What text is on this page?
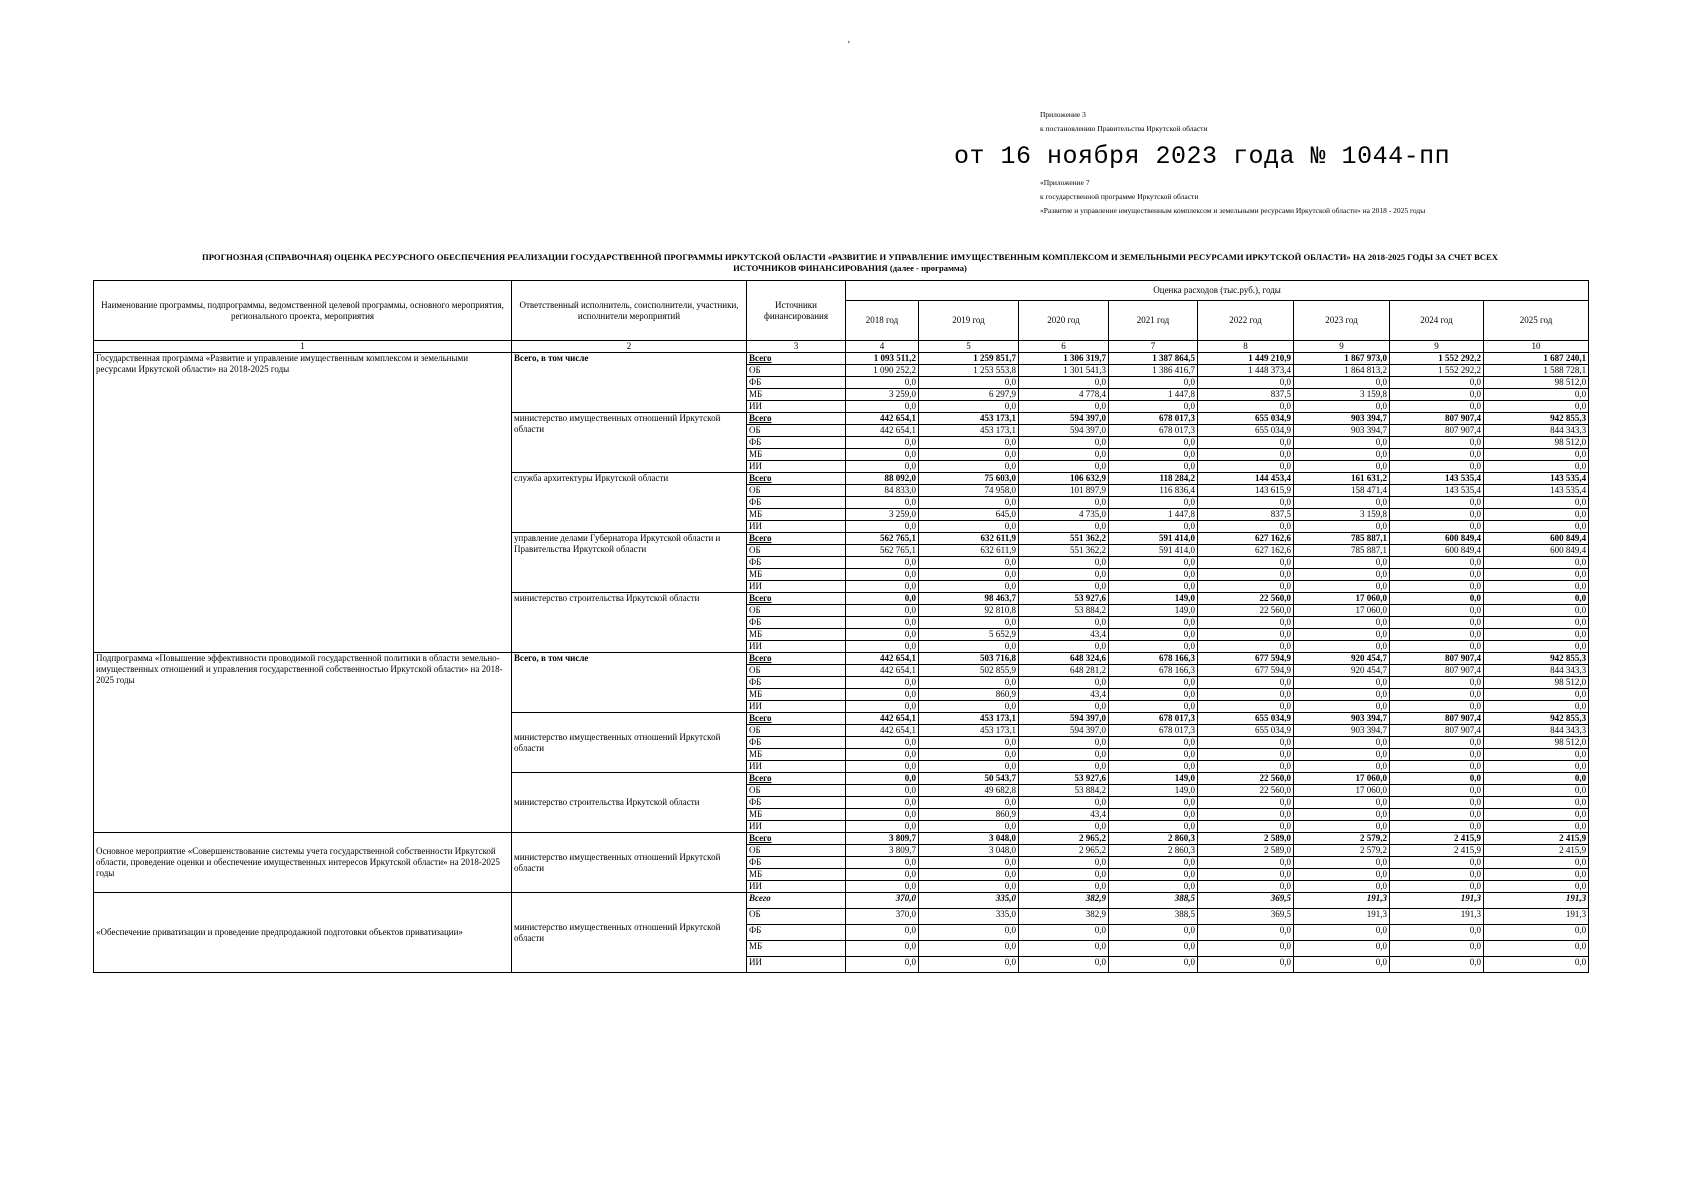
'
Приложение 3
к постановлению Правительства Иркутской области
от 16 ноября 2023 года № 1044-пп
«Приложение 7
к государственной программе Иркутской области
«Развитие и управление имущественным комплексом и земельными ресурсами Иркутской области» на 2018 - 2025 годы
ПРОГНОЗНАЯ (СПРАВОЧНАЯ) ОЦЕНКА РЕСУРСНОГО ОБЕСПЕЧЕНИЯ РЕАЛИЗАЦИИ ГОСУДАРСТВЕННОЙ ПРОГРАММЫ ИРКУТСКОЙ ОБЛАСТИ «РАЗВИТИЕ И УПРАВЛЕНИЕ ИМУЩЕСТВЕННЫМ КОМПЛЕКСОМ И ЗЕМЕЛЬНЫМИ РЕСУРСАМИ ИРКУТСКОЙ ОБЛАСТИ» НА 2018-2025 ГОДЫ ЗА СЧЕТ ВСЕХ
ИСТОЧНИКОВ ФИНАНСИРОВАНИЯ (далее - программа)
Наименование программы, подпрограммы, ведомственной целевой программы, основного мероприятия, регионального проекта, мероприятия	Ответственный исполнитель, соисполнители, участники, исполнители мероприятий	Источники финансирования	Оценка расходов (тыс.руб.), годы							
			2018 год	2019 год	2020 год	2021 год	2022 год	2023 год	2024 год	2025 год
1	2	3	4	5	6	7	8	9	9	10
Государственная программа «Развитие и управление имущественным комплексом и земельными ресурсами Иркутской области» на 2018-2025 годы	Всего, в том числе	Всего	1 093 511,2	1 259 851,7	1 306 319,7	1 387 864,5	1 449 210,9	1 867 973,0	1 552 292,2	1 687 240,1
		ОБ	1 090 252,2	1 253 553,8	1 301 541,3	1 386 416,7	1 448 373,4	1 864 813,2	1 552 292,2	1 588 728,1
		ФБ	0,0	0,0	0,0	0,0	0,0	0,0	0,0	98 512,0
		МБ	3 259,0	6 297,9	4 778,4	1 447,8	837,5	3 159,8	0,0	0,0
		ИИ	0,0	0,0	0,0	0,0	0,0	0,0	0,0	0,0
	министерство имущественных отношений Иркутской области	Всего	442 654,1	453 173,1	594 397,0	678 017,3	655 034,9	903 394,7	807 907,4	942 855,3
		ОБ	442 654,1	453 173,1	594 397,0	678 017,3	655 034,9	903 394,7	807 907,4	844 343,3
		ФБ	0,0	0,0	0,0	0,0	0,0	0,0	0,0	98 512,0
		МБ	0,0	0,0	0,0	0,0	0,0	0,0	0,0	0,0
		ИИ	0,0	0,0	0,0	0,0	0,0	0,0	0,0	0,0
	служба архитектуры Иркутской области	Всего	88 092,0	75 603,0	106 632,9	118 284,2	144 453,4	161 631,2	143 535,4	143 535,4
		ОБ	84 833,0	74 958,0	101 897,9	116 836,4	143 615,9	158 471,4	143 535,4	143 535,4
		ФБ	0,0	0,0	0,0	0,0	0,0	0,0	0,0	0,0
		МБ	3 259,0	645,0	4 735,0	1 447,8	837,5	3 159,8	0,0	0,0
		ИИ	0,0	0,0	0,0	0,0	0,0	0,0	0,0	0,0
	управление делами Губернатора Иркутской области и Правительства Иркутской области	Всего	562 765,1	632 611,9	551 362,2	591 414,0	627 162,6	785 887,1	600 849,4	600 849,4
		ОБ	562 765,1	632 611,9	551 362,2	591 414,0	627 162,6	785 887,1	600 849,4	600 849,4
		ФБ	0,0	0,0	0,0	0,0	0,0	0,0	0,0	0,0
		МБ	0,0	0,0	0,0	0,0	0,0	0,0	0,0	0,0
		ИИ	0,0	0,0	0,0	0,0	0,0	0,0	0,0	0,0
	министерство строительства Иркутской области	Всего	0,0	98 463,7	53 927,6	149,0	22 560,0	17 060,0	0,0	0,0
		ОБ	0,0	92 810,8	53 884,2	149,0	22 560,0	17 060,0	0,0	0,0
		ФБ	0,0	0,0	0,0	0,0	0,0	0,0	0,0	0,0
		МБ	0,0	5 652,9	43,4	0,0	0,0	0,0	0,0	0,0
		ИИ	0,0	0,0	0,0	0,0	0,0	0,0	0,0	0,0
Подпрограмма «Повышение эффективности проводимой государственной политики в области земельно-имущественных отношений и управления государственной собственностью Иркутской области» на 2018-2025 годы	Всего, в том числе	Всего	442 654,1	503 716,8	648 324,6	678 166,3	677 594,9	920 454,7	807 907,4	942 855,3
		ОБ	442 654,1	502 855,9	648 281,2	678 166,3	677 594,9	920 454,7	807 907,4	844 343,3
		ФБ	0,0	0,0	0,0	0,0	0,0	0,0	0,0	98 512,0
		МБ	0,0	860,9	43,4	0,0	0,0	0,0	0,0	0,0
		ИИ	0,0	0,0	0,0	0,0	0,0	0,0	0,0	0,0
	министерство имущественных отношений Иркутской области	Всего	442 654,1	453 173,1	594 397,0	678 017,3	655 034,9	903 394,7	807 907,4	942 855,3
		ОБ	442 654,1	453 173,1	594 397,0	678 017,3	655 034,9	903 394,7	807 907,4	844 343,3
		ФБ	0,0	0,0	0,0	0,0	0,0	0,0	0,0	98 512,0
		МБ	0,0	0,0	0,0	0,0	0,0	0,0	0,0	0,0
		ИИ	0,0	0,0	0,0	0,0	0,0	0,0	0,0	0,0
	министерство строительства Иркутской области	Всего	0,0	50 543,7	53 927,6	149,0	22 560,0	17 060,0	0,0	0,0
		ОБ	0,0	49 682,8	53 884,2	149,0	22 560,0	17 060,0	0,0	0,0
		ФБ	0,0	0,0	0,0	0,0	0,0	0,0	0,0	0,0
		МБ	0,0	860,9	43,4	0,0	0,0	0,0	0,0	0,0
		ИИ	0,0	0,0	0,0	0,0	0,0	0,0	0,0	0,0
Основное мероприятие «Совершенствование системы учета государственной собственности Иркутской области, проведение оценки и обеспечение имущественных интересов Иркутской области» на 2018-2025 годы	министерство имущественных отношений Иркутской области	Всего	3 809,7	3 048,0	2 965,2	2 860,3	2 589,0	2 579,2	2 415,9	2 415,9
		ОБ	3 809,7	3 048,0	2 965,2	2 860,3	2 589,0	2 579,2	2 415,9	2 415,9
		ФБ	0,0	0,0	0,0	0,0	0,0	0,0	0,0	0,0
		МБ	0,0	0,0	0,0	0,0	0,0	0,0	0,0	0,0
		ИИ	0,0	0,0	0,0	0,0	0,0	0,0	0,0	0,0
«Обеспечение приватизации и проведение предпродажной подготовки объектов приватизации»	министерство имущественных отношений Иркутской области	Всего	370,0	335,0	382,9	388,5	369,5	191,3	191,3	191,3
		ОБ	370,0	335,0	382,9	388,5	369,5	191,3	191,3	191,3
		ФБ	0,0	0,0	0,0	0,0	0,0	0,0	0,0	0,0
		МБ	0,0	0,0	0,0	0,0	0,0	0,0	0,0	0,0
		ИИ	0,0	0,0	0,0	0,0	0,0	0,0	0,0	0,0
